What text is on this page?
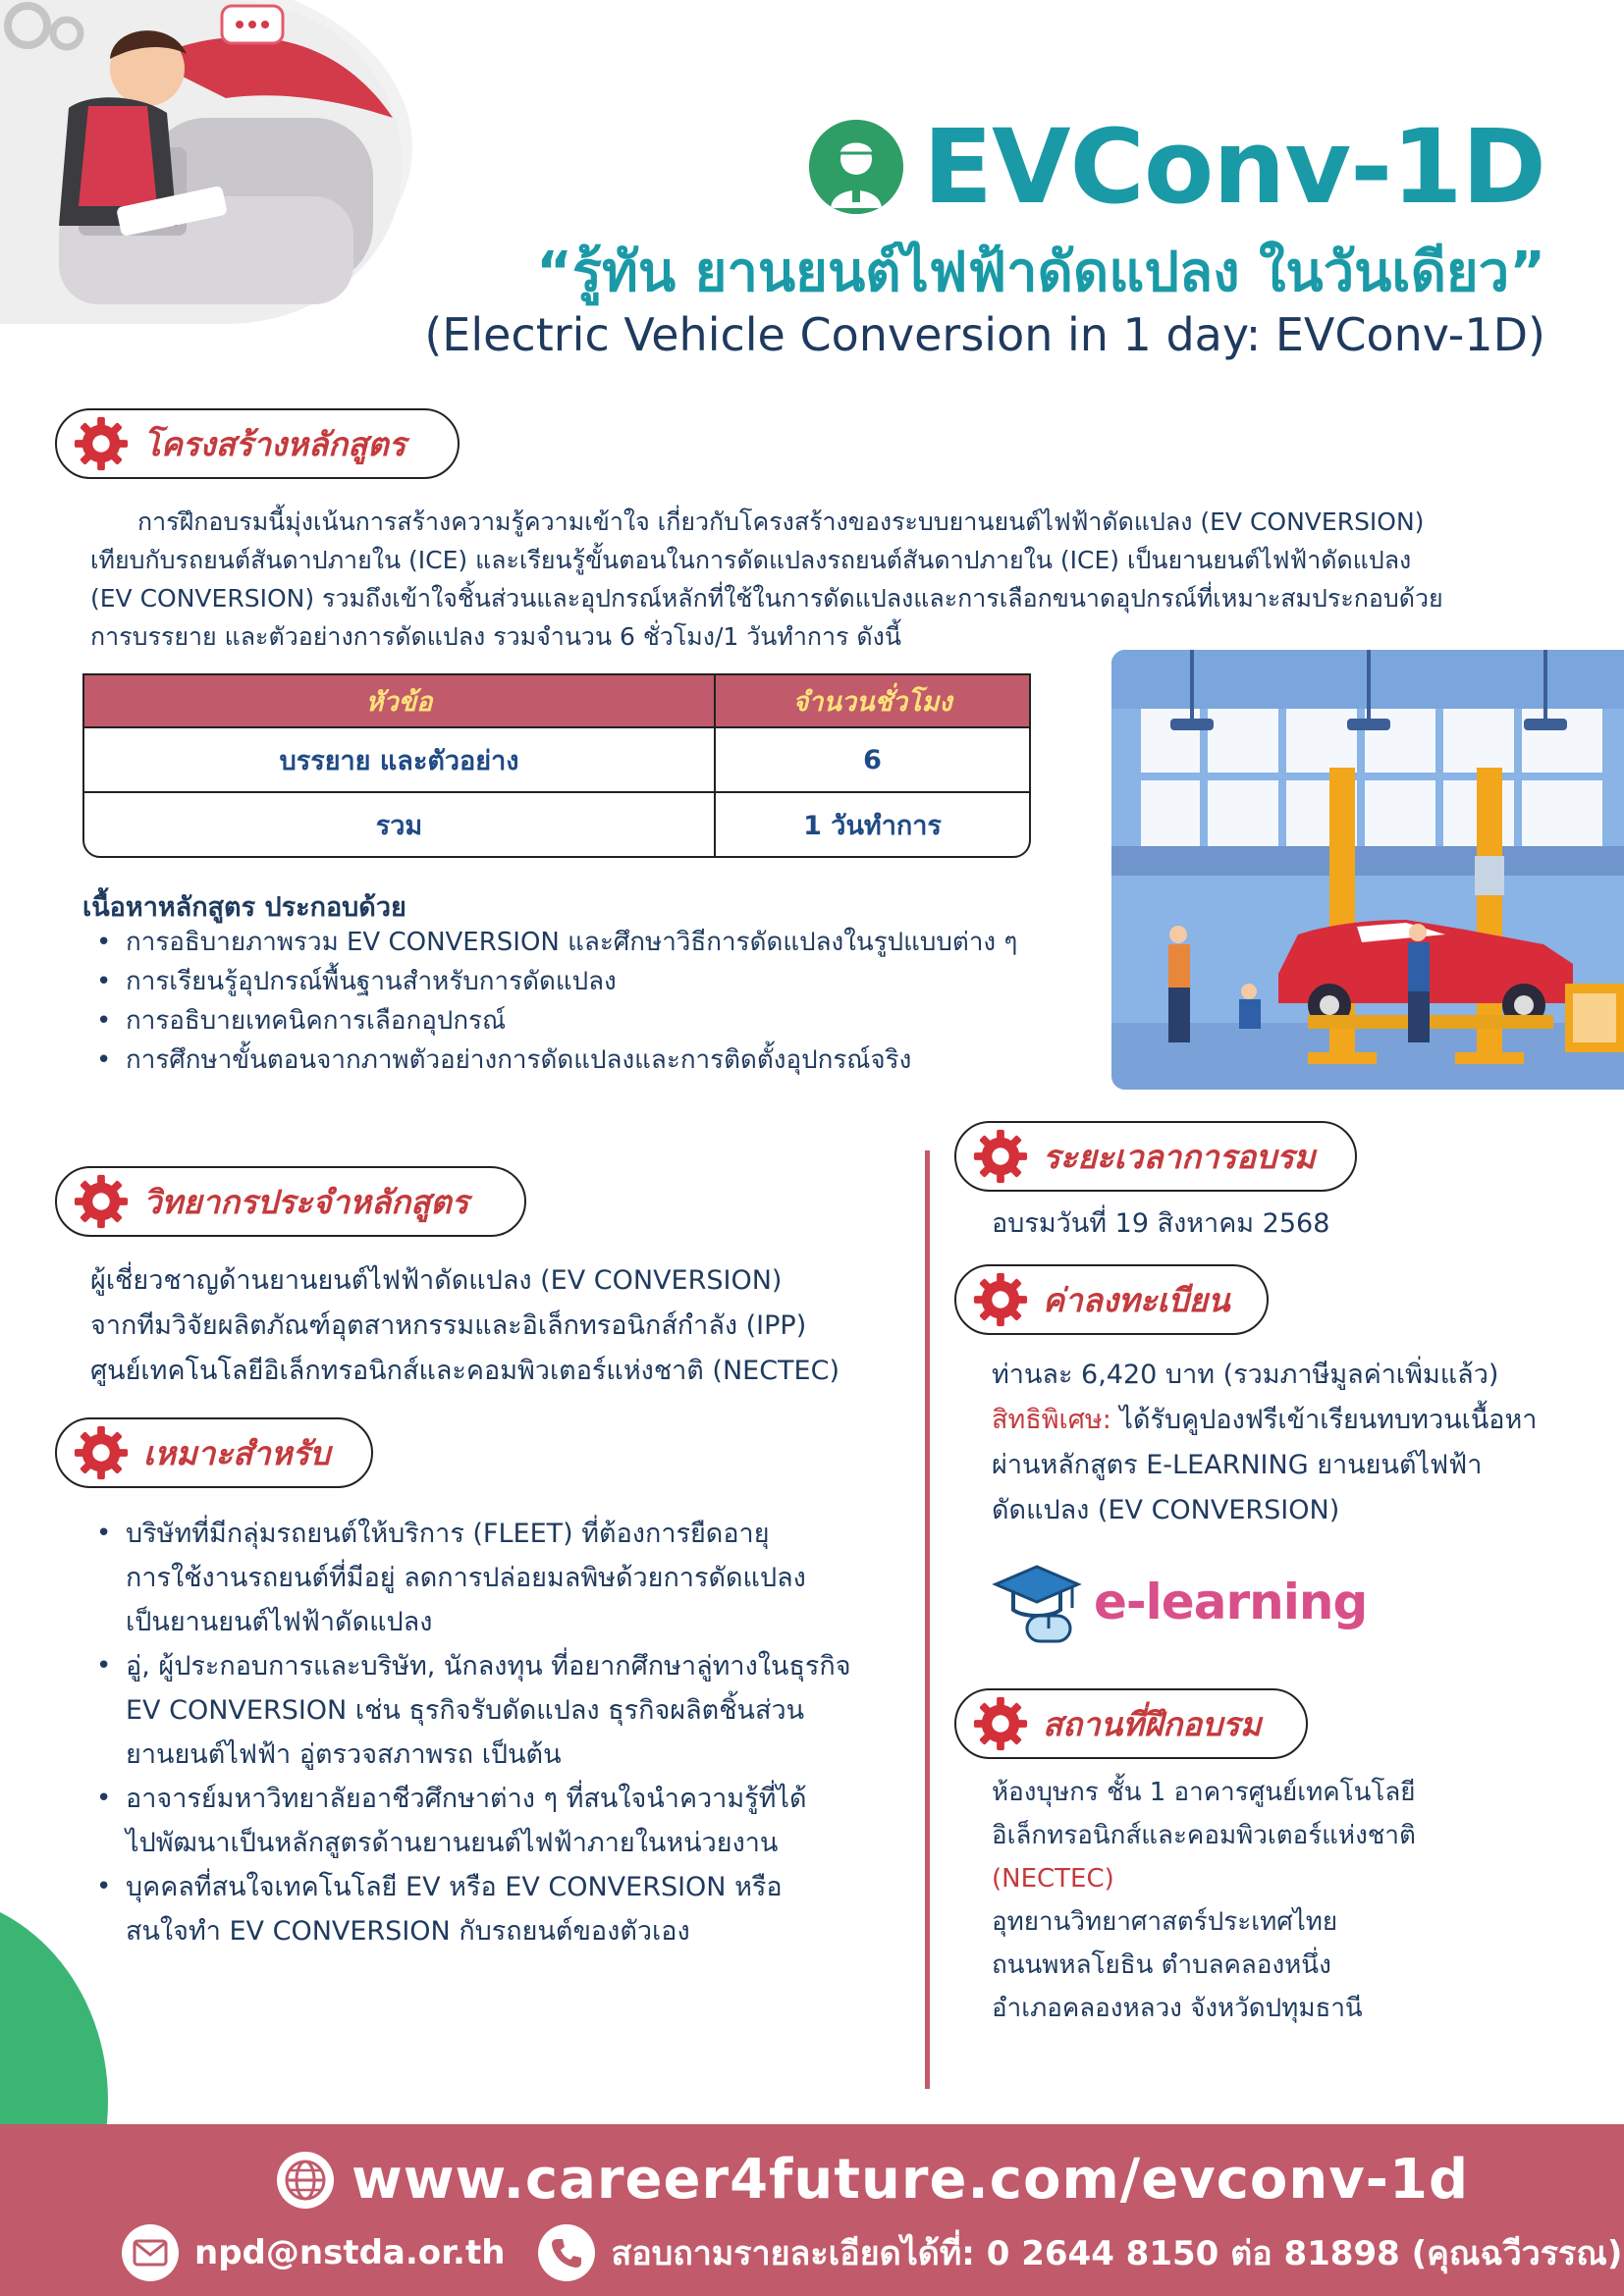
EVConv-1D
“รู้ทัน ยานยนต์ไฟฟ้าดัดแปลง ในวันเดียว”
(Electric Vehicle Conversion in 1 day: EVConv-1D)
โครงสร้างหลักสูตร
การฝึกอบรมนี้มุ่งเน้นการสร้างความรู้ความเข้าใจ เกี่ยวกับโครงสร้างของระบบยานยนต์ไฟฟ้าดัดแปลง (EV CONVERSION)
เทียบกับรถยนต์สันดาปภายใน (ICE) และเรียนรู้ขั้นตอนในการดัดแปลงรถยนต์สันดาปภายใน (ICE) เป็นยานยนต์ไฟฟ้าดัดแปลง
(EV CONVERSION) รวมถึงเข้าใจชิ้นส่วนและอุปกรณ์หลักที่ใช้ในการดัดแปลงและการเลือกขนาดอุปกรณ์ที่เหมาะสมประกอบด้วย
การบรรยาย และตัวอย่างการดัดแปลง รวมจำนวน 6 ชั่วโมง/1 วันทำการ ดังนี้
หัวข้อ	จำนวนชั่วโมง
บรรยาย และตัวอย่าง	6
รวม	1 วันทำการ
เนื้อหาหลักสูตร ประกอบด้วย
• การอธิบายภาพรวม EV CONVERSION และศึกษาวิธีการดัดแปลงในรูปแบบต่าง ๆ
• การเรียนรู้อุปกรณ์พื้นฐานสำหรับการดัดแปลง
• การอธิบายเทคนิคการเลือกอุปกรณ์
• การศึกษาขั้นตอนจากภาพตัวอย่างการดัดแปลงและการติดตั้งอุปกรณ์จริง
วิทยากรประจำหลักสูตร
ผู้เชี่ยวชาญด้านยานยนต์ไฟฟ้าดัดแปลง (EV CONVERSION)
จากทีมวิจัยผลิตภัณฑ์อุตสาหกรรมและอิเล็กทรอนิกส์กำลัง (IPP)
ศูนย์เทคโนโลยีอิเล็กทรอนิกส์และคอมพิวเตอร์แห่งชาติ (NECTEC)
เหมาะสำหรับ
• บริษัทที่มีกลุ่มรถยนต์ให้บริการ (FLEET) ที่ต้องการยืดอายุ
การใช้งานรถยนต์ที่มีอยู่ ลดการปล่อยมลพิษด้วยการดัดแปลง
เป็นยานยนต์ไฟฟ้าดัดแปลง
• อู่, ผู้ประกอบการและบริษัท, นักลงทุน ที่อยากศึกษาลู่ทางในธุรกิจ
EV CONVERSION เช่น ธุรกิจรับดัดแปลง ธุรกิจผลิตชิ้นส่วน
ยานยนต์ไฟฟ้า อู่ตรวจสภาพรถ เป็นต้น
• อาจารย์มหาวิทยาลัยอาชีวศึกษาต่าง ๆ ที่สนใจนำความรู้ที่ได้
ไปพัฒนาเป็นหลักสูตรด้านยานยนต์ไฟฟ้าภายในหน่วยงาน
• บุคคลที่สนใจเทคโนโลยี EV หรือ EV CONVERSION หรือ
สนใจทำ EV CONVERSION กับรถยนต์ของตัวเอง
ระยะเวลาการอบรม
อบรมวันที่ 19 สิงหาคม 2568
ค่าลงทะเบียน
ท่านละ 6,420 บาท (รวมภาษีมูลค่าเพิ่มแล้ว)
สิทธิพิเศษ: ได้รับคูปองฟรีเข้าเรียนทบทวนเนื้อหา
ผ่านหลักสูตร E-LEARNING ยานยนต์ไฟฟ้า
ดัดแปลง (EV CONVERSION)
e-learning
สถานที่ฝึกอบรม
ห้องบุษกร ชั้น 1 อาคารศูนย์เทคโนโลยี
อิเล็กทรอนิกส์และคอมพิวเตอร์แห่งชาติ
(NECTEC)
อุทยานวิทยาศาสตร์ประเทศไทย
ถนนพหลโยธิน ตำบลคลองหนึ่ง
อำเภอคลองหลวง จังหวัดปทุมธานี
www.career4future.com/evconv-1d
npd@nstda.or.th	สอบถามรายละเอียดได้ที่: 0 2644 8150 ต่อ 81898 (คุณฉวีวรรณ)
